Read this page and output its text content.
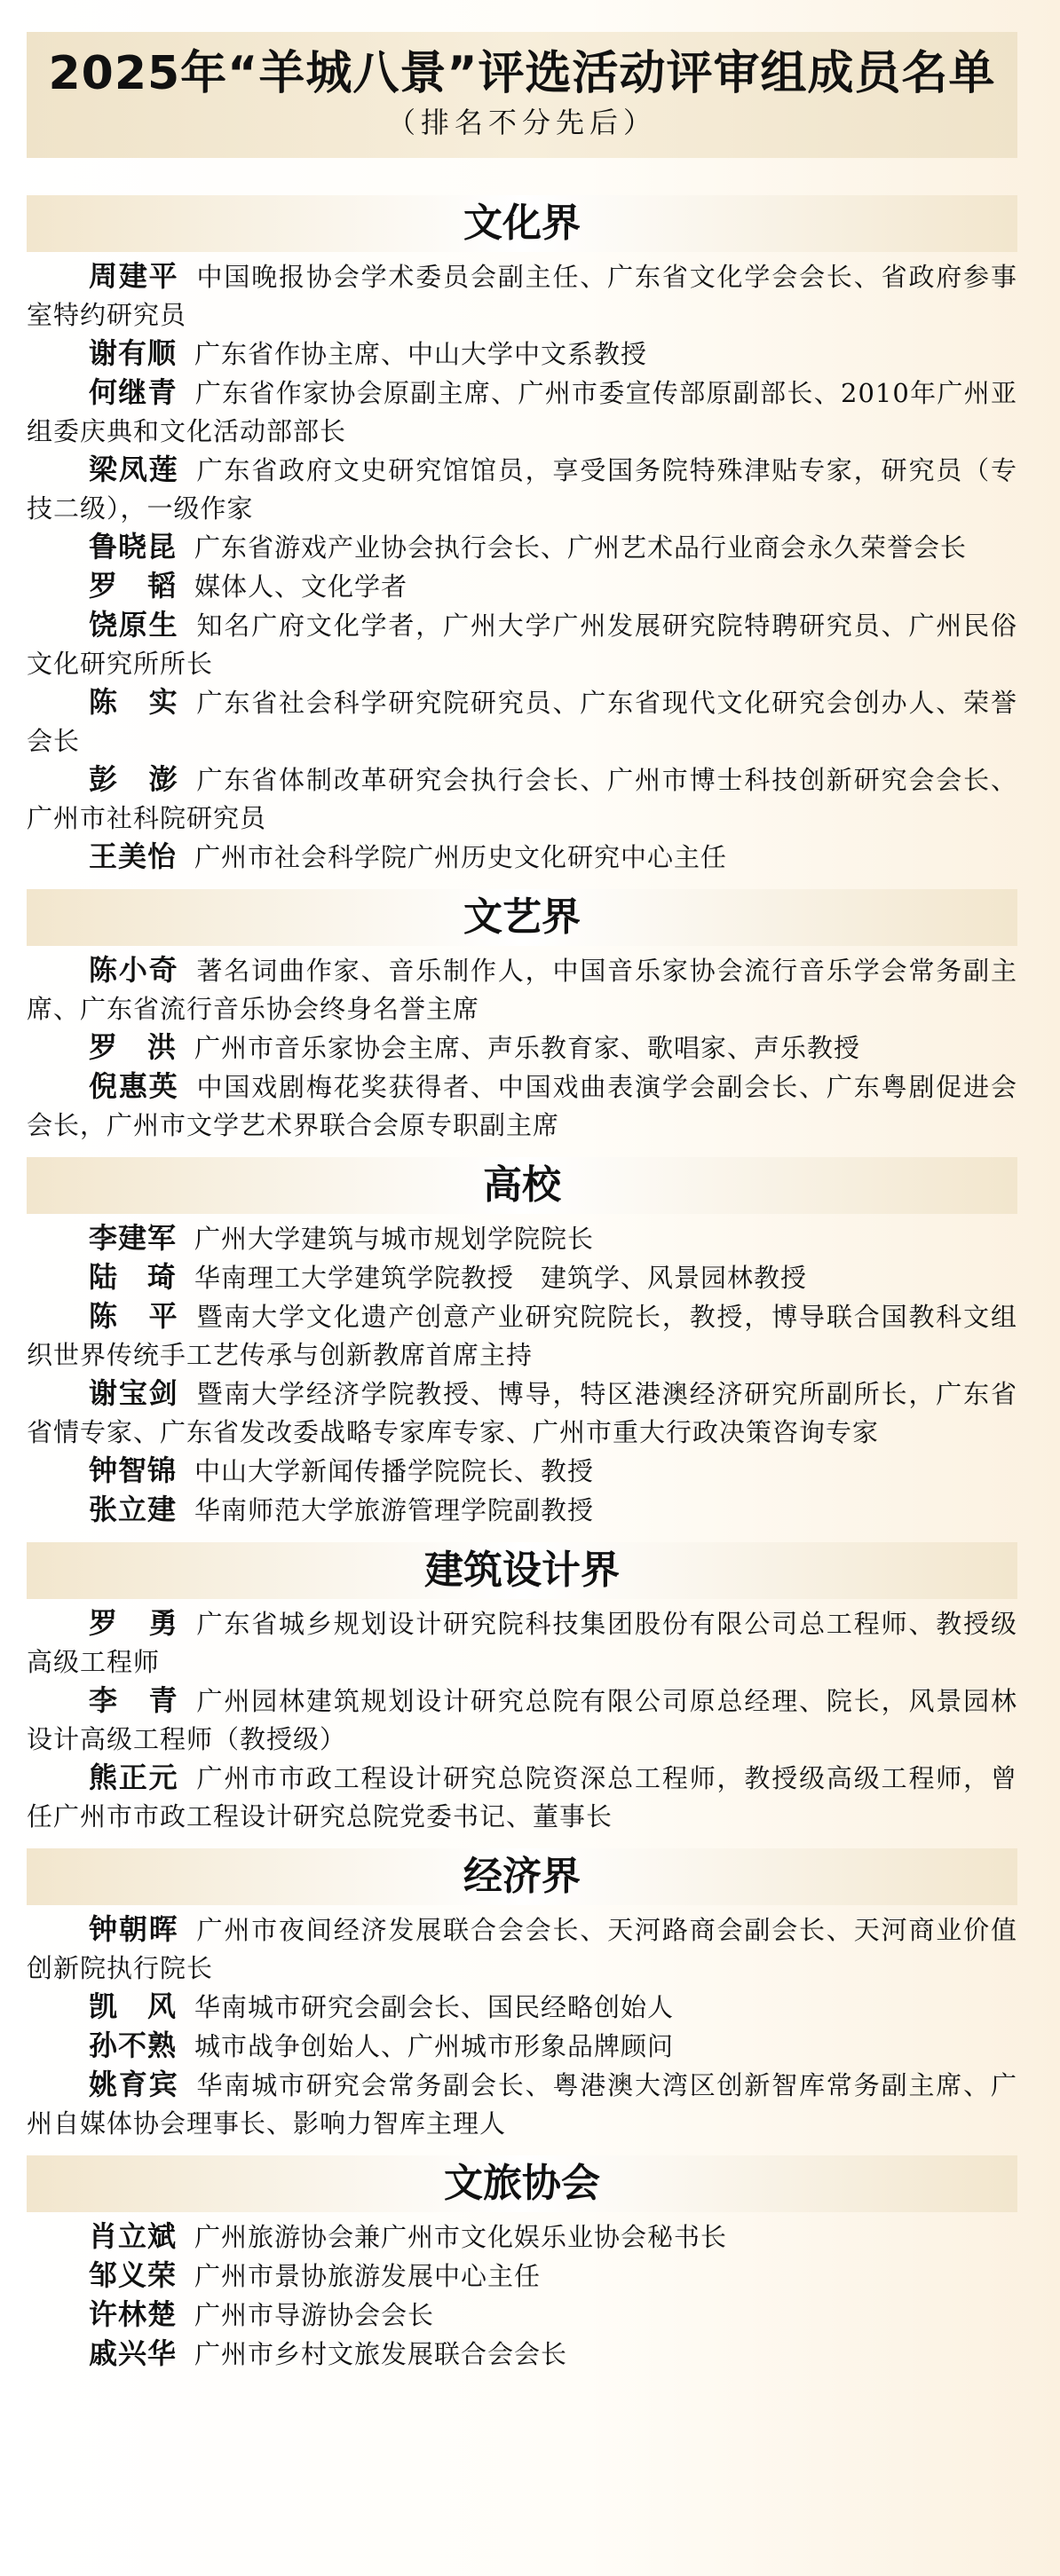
2025年“羊城八景”评选活动评审组成员名单
（排名不分先后）
文化界
周建平 中国晚报协会学术委员会副主任、广东省文化学会会长、省政府参事室特约研究员
谢有顺 广东省作协主席、中山大学中文系教授
何继青 广东省作家协会原副主席、广州市委宣传部原副部长、2010年广州亚组委庆典和文化活动部部长
梁凤莲 广东省政府文史研究馆馆员，享受国务院特殊津贴专家，研究员（专技二级），一级作家
鲁晓昆 广东省游戏产业协会执行会长、广州艺术品行业商会永久荣誉会长
罗　韬 媒体人、文化学者
饶原生 知名广府文化学者，广州大学广州发展研究院特聘研究员、广州民俗文化研究所所长
陈　实 广东省社会科学研究院研究员、广东省现代文化研究会创办人、荣誉会长
彭　澎 广东省体制改革研究会执行会长、广州市博士科技创新研究会会长、广州市社科院研究员
王美怡 广州市社会科学院广州历史文化研究中心主任
文艺界
陈小奇 著名词曲作家、音乐制作人，中国音乐家协会流行音乐学会常务副主席、广东省流行音乐协会终身名誉主席
罗　洪 广州市音乐家协会主席、声乐教育家、歌唱家、声乐教授
倪惠英 中国戏剧梅花奖获得者、中国戏曲表演学会副会长、广东粤剧促进会会长，广州市文学艺术界联合会原专职副主席
高校
李建军 广州大学建筑与城市规划学院院长
陆　琦 华南理工大学建筑学院教授　建筑学、风景园林教授
陈　平 暨南大学文化遗产创意产业研究院院长，教授，博导联合国教科文组织世界传统手工艺传承与创新教席首席主持
谢宝剑 暨南大学经济学院教授、博导，特区港澳经济研究所副所长，广东省省情专家、广东省发改委战略专家库专家、广州市重大行政决策咨询专家
钟智锦 中山大学新闻传播学院院长、教授
张立建 华南师范大学旅游管理学院副教授
建筑设计界
罗　勇 广东省城乡规划设计研究院科技集团股份有限公司总工程师、教授级高级工程师
李　青 广州园林建筑规划设计研究总院有限公司原总经理、院长，风景园林设计高级工程师（教授级）
熊正元 广州市市政工程设计研究总院资深总工程师，教授级高级工程师，曾任广州市市政工程设计研究总院党委书记、董事长
经济界
钟朝晖 广州市夜间经济发展联合会会长、天河路商会副会长、天河商业价值创新院执行院长
凯　风 华南城市研究会副会长、国民经略创始人
孙不熟 城市战争创始人、广州城市形象品牌顾问
姚育宾 华南城市研究会常务副会长、粤港澳大湾区创新智库常务副主席、广州自媒体协会理事长、影响力智库主理人
文旅协会
肖立斌 广州旅游协会兼广州市文化娱乐业协会秘书长
邹义荣 广州市景协旅游发展中心主任
许林楚 广州市导游协会会长
戚兴华 广州市乡村文旅发展联合会会长
